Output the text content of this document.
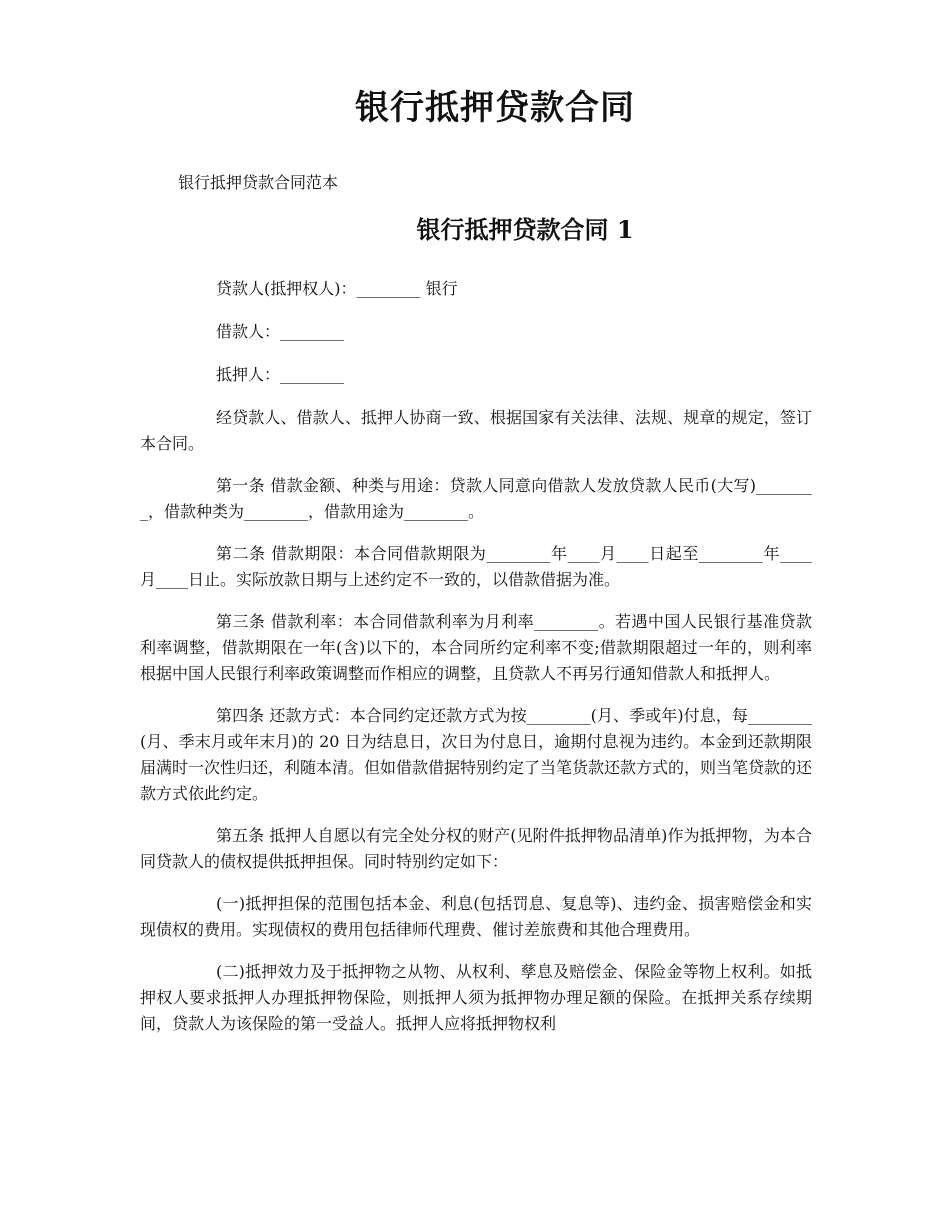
银行抵押贷款合同

银行抵押贷款合同范本

银行抵押贷款合同 1

贷款人(抵押权人)：________ 银行

借款人：________

抵押人：________

经贷款人、借款人、抵押人协商一致、根据国家有关法律、法规、规章的规定，签订本合同。

第一条 借款金额、种类与用途：贷款人同意向借款人发放贷款人民币(大写)________，借款种类为________，借款用途为________。

第二条 借款期限：本合同借款期限为________年____月____日起至________年____月____日止。实际放款日期与上述约定不一致的，以借款借据为准。

第三条 借款利率：本合同借款利率为月利率________。若遇中国人民银行基准贷款利率调整，借款期限在一年(含)以下的，本合同所约定利率不变;借款期限超过一年的，则利率根据中国人民银行利率政策调整而作相应的调整，且贷款人不再另行通知借款人和抵押人。

第四条 还款方式：本合同约定还款方式为按________(月、季或年)付息，每________(月、季末月或年末月)的 20 日为结息日，次日为付息日，逾期付息视为违约。本金到还款期限届满时一次性归还，利随本清。但如借款借据特别约定了当笔货款还款方式的，则当笔贷款的还款方式依此约定。

第五条 抵押人自愿以有完全处分权的财产(见附件抵押物品清单)作为抵押物，为本合同贷款人的债权提供抵押担保。同时特别约定如下：

(一)抵押担保的范围包括本金、利息(包括罚息、复息等)、违约金、损害赔偿金和实现债权的费用。实现债权的费用包括律师代理费、催讨差旅费和其他合理费用。

(二)抵押效力及于抵押物之从物、从权利、孳息及赔偿金、保险金等物上权利。如抵押权人要求抵押人办理抵押物保险，则抵押人须为抵押物办理足额的保险。在抵押关系存续期间，贷款人为该保险的第一受益人。抵押人应将抵押物权利
